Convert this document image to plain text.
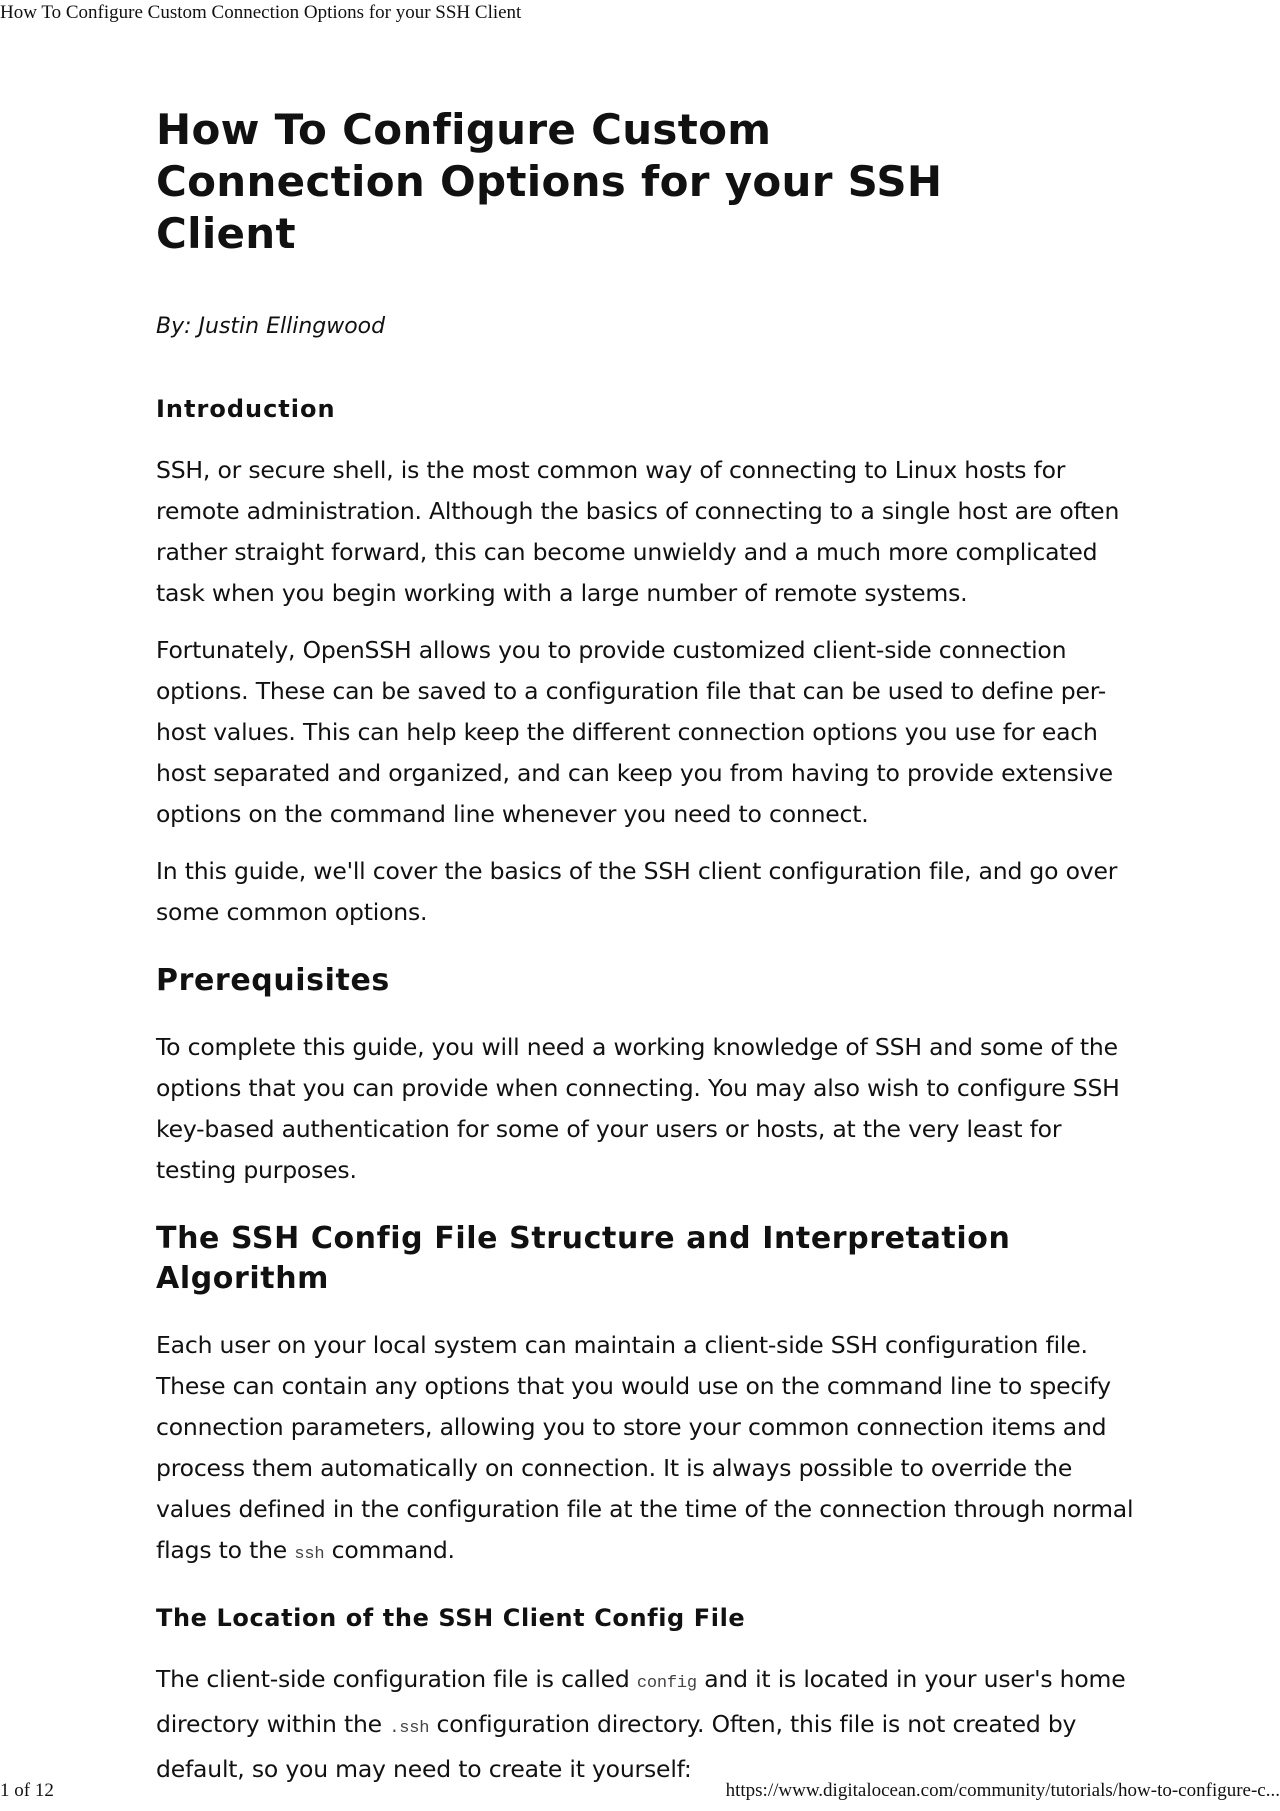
How To Configure Custom Connection Options for your SSH Client
How To Configure Custom Connection Options for your SSH Client
By: Justin Ellingwood
Introduction

SSH, or secure shell, is the most common way of connecting to Linux hosts for remote administration. Although the basics of connecting to a single host are often rather straight forward, this can become unwieldy and a much more complicated task when you begin working with a large number of remote systems.

Fortunately, OpenSSH allows you to provide customized client-side connection options. These can be saved to a configuration file that can be used to define per-host values. This can help keep the different connection options you use for each host separated and organized, and can keep you from having to provide extensive options on the command line whenever you need to connect.

In this guide, we'll cover the basics of the SSH client configuration file, and go over some common options.

Prerequisites

To complete this guide, you will need a working knowledge of SSH and some of the options that you can provide when connecting. You may also wish to configure SSH key-based authentication for some of your users or hosts, at the very least for testing purposes.

The SSH Config File Structure and Interpretation Algorithm

Each user on your local system can maintain a client-side SSH configuration file. These can contain any options that you would use on the command line to specify connection parameters, allowing you to store your common connection items and process them automatically on connection. It is always possible to override the values defined in the configuration file at the time of the connection through normal flags to the ssh command.

The Location of the SSH Client Config File

The client-side configuration file is called config and it is located in your user's home directory within the .ssh configuration directory. Often, this file is not created by default, so you may need to create it yourself:

1 of 12	https://www.digitalocean.com/community/tutorials/how-to-configure-c...
